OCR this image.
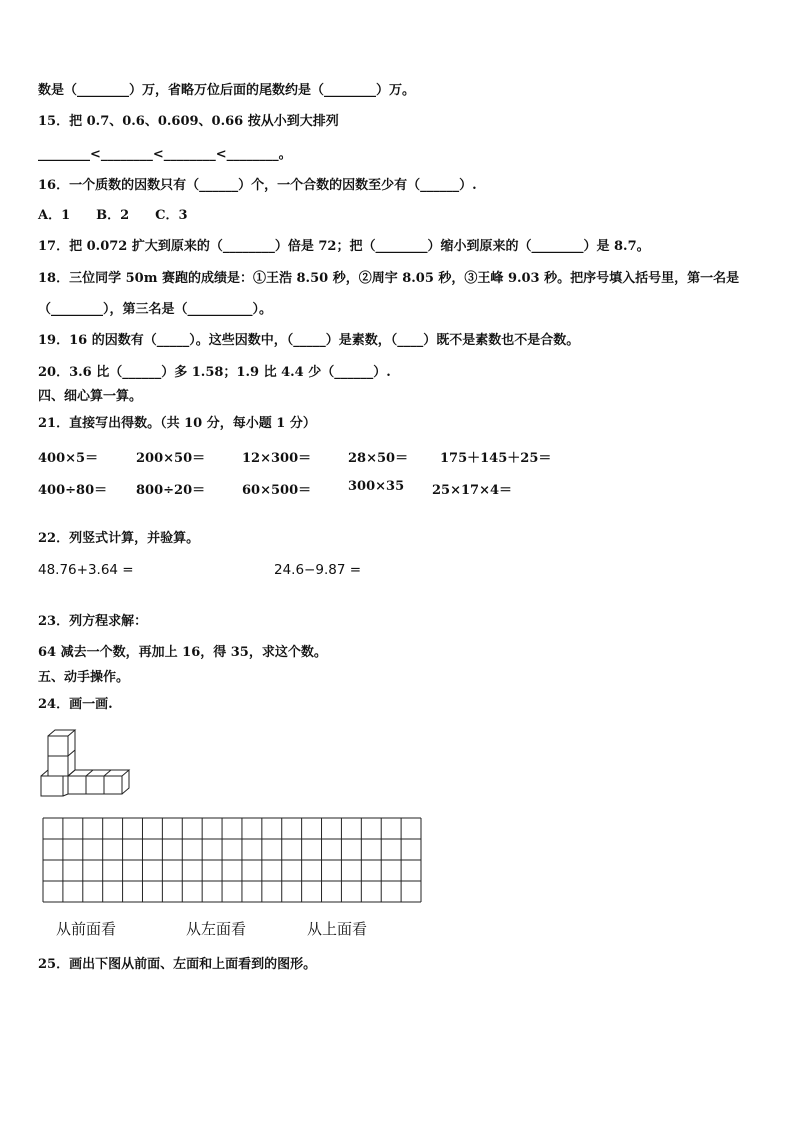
数是（________）万，省略万位后面的尾数约是（________）万。
15．把 0.7、0.6、0.609、0.66 按从小到大排列
________<________<________<________。
16．一个质数的因数只有（______）个，一个合数的因数至少有（______）.
A．1　　B．2　　C．3
17．把 0.072 扩大到原来的（________）倍是 72；把（________）缩小到原来的（________）是 8.7。
18．三位同学 50m 赛跑的成绩是：①王浩 8.50 秒，②周宇 8.05 秒，③王峰 9.03 秒。把序号填入括号里，第一名是
（________），第三名是（__________）。
19．16 的因数有（_____）。这些因数中，（_____）是素数，（____）既不是素数也不是合数。
20．3.6 比（______）多 1.58；1.9 比 4.4 少（______）.
四、细心算一算。
21．直接写出得数。（共 10 分，每小题 1 分）
400×5＝	200×50＝	12×300＝	28×50＝ 175＋145＋25＝
400÷80＝ 800÷20＝	60×500＝	300×35 25×17×4＝
22．列竖式计算，并验算。
48.76+3.64 =	24.6−9.87 =
23．列方程求解：
64 减去一个数，再加上 16，得 35，求这个数。
五、动手操作。
24．画一画.
从前面看	从左面看	从上面看
25．画出下图从前面、左面和上面看到的图形。
